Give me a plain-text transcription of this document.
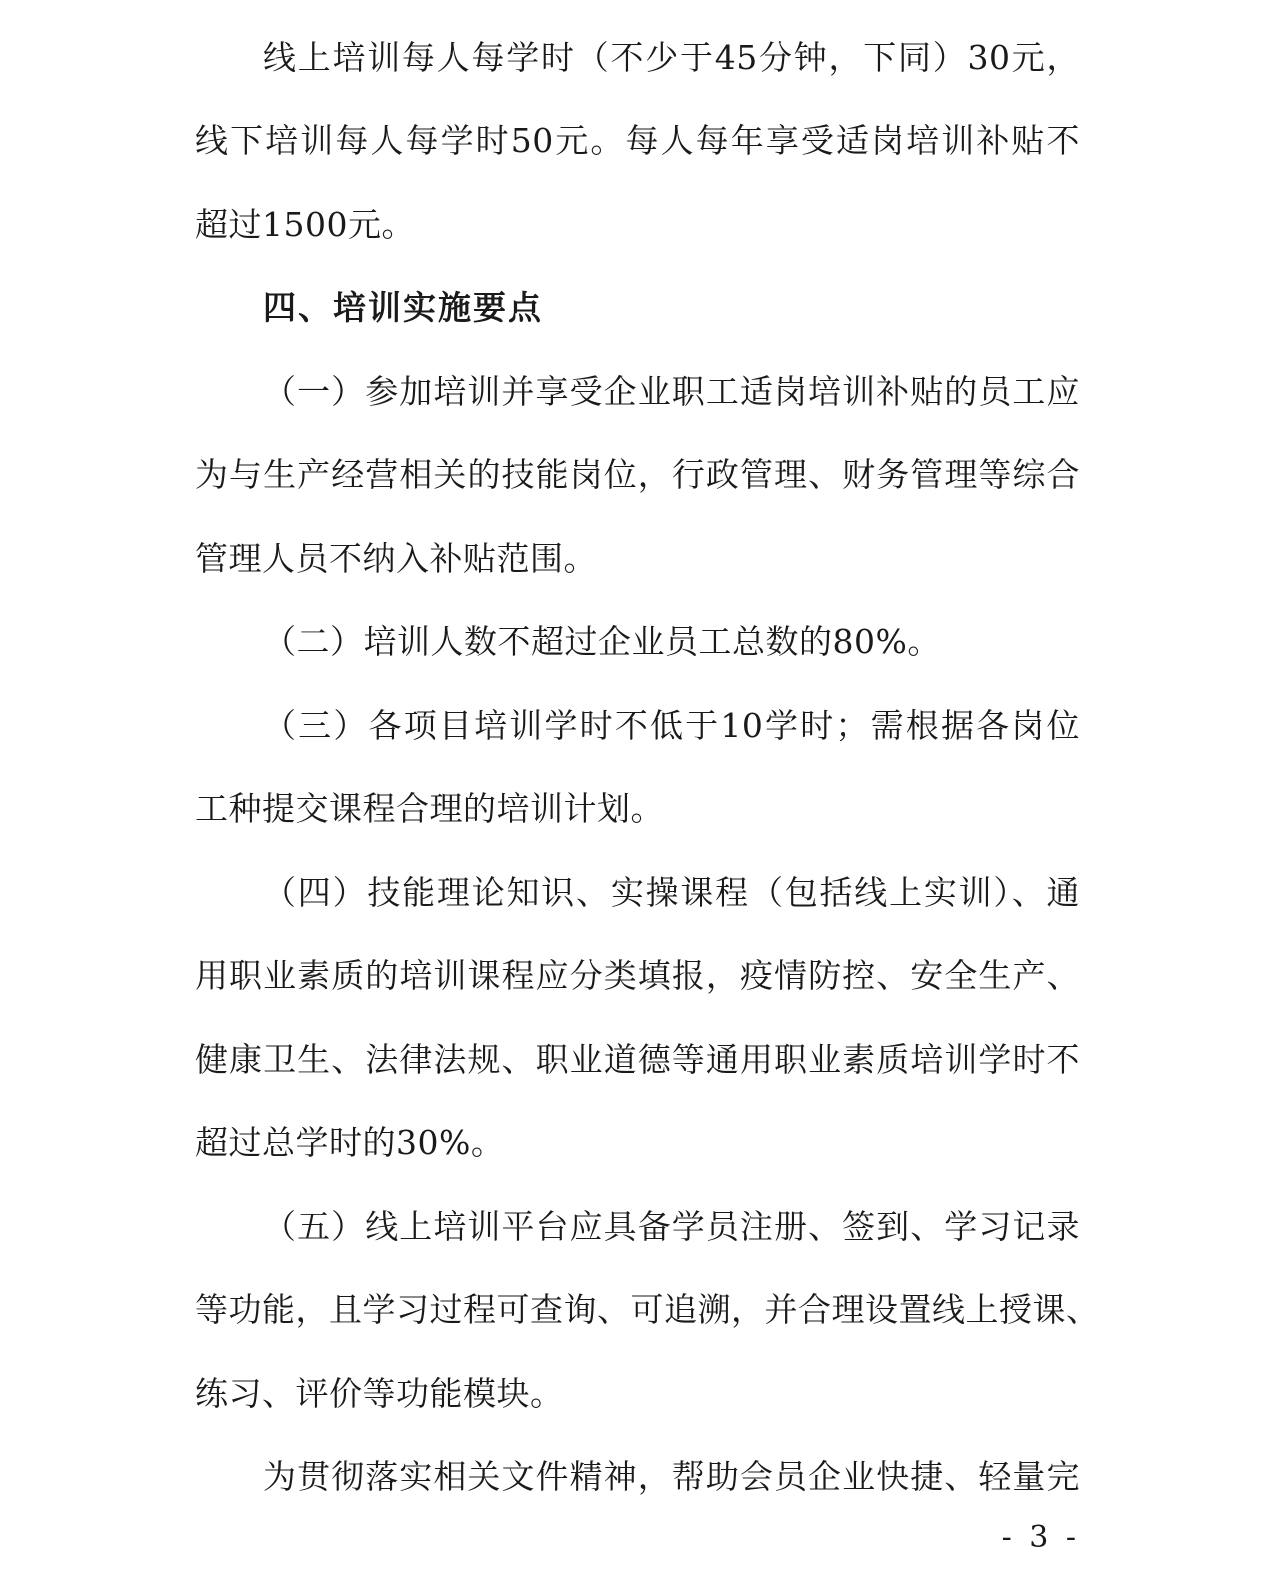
线上培训每人每学时（不少于45分钟，下同）30元，
线下培训每人每学时50元。每人每年享受适岗培训补贴不
超过1500元。
四、培训实施要点
（一）参加培训并享受企业职工适岗培训补贴的员工应
为与生产经营相关的技能岗位，行政管理、财务管理等综合
管理人员不纳入补贴范围。
（二）培训人数不超过企业员工总数的80%。
（三）各项目培训学时不低于10学时；需根据各岗位
工种提交课程合理的培训计划。
（四）技能理论知识、实操课程（包括线上实训）、通
用职业素质的培训课程应分类填报，疫情防控、安全生产、
健康卫生、法律法规、职业道德等通用职业素质培训学时不
超过总学时的30%。
（五）线上培训平台应具备学员注册、签到、学习记录
等功能，且学习过程可查询、可追溯，并合理设置线上授课、
练习、评价等功能模块。
为贯彻落实相关文件精神，帮助会员企业快捷、轻量完
- 3 -
